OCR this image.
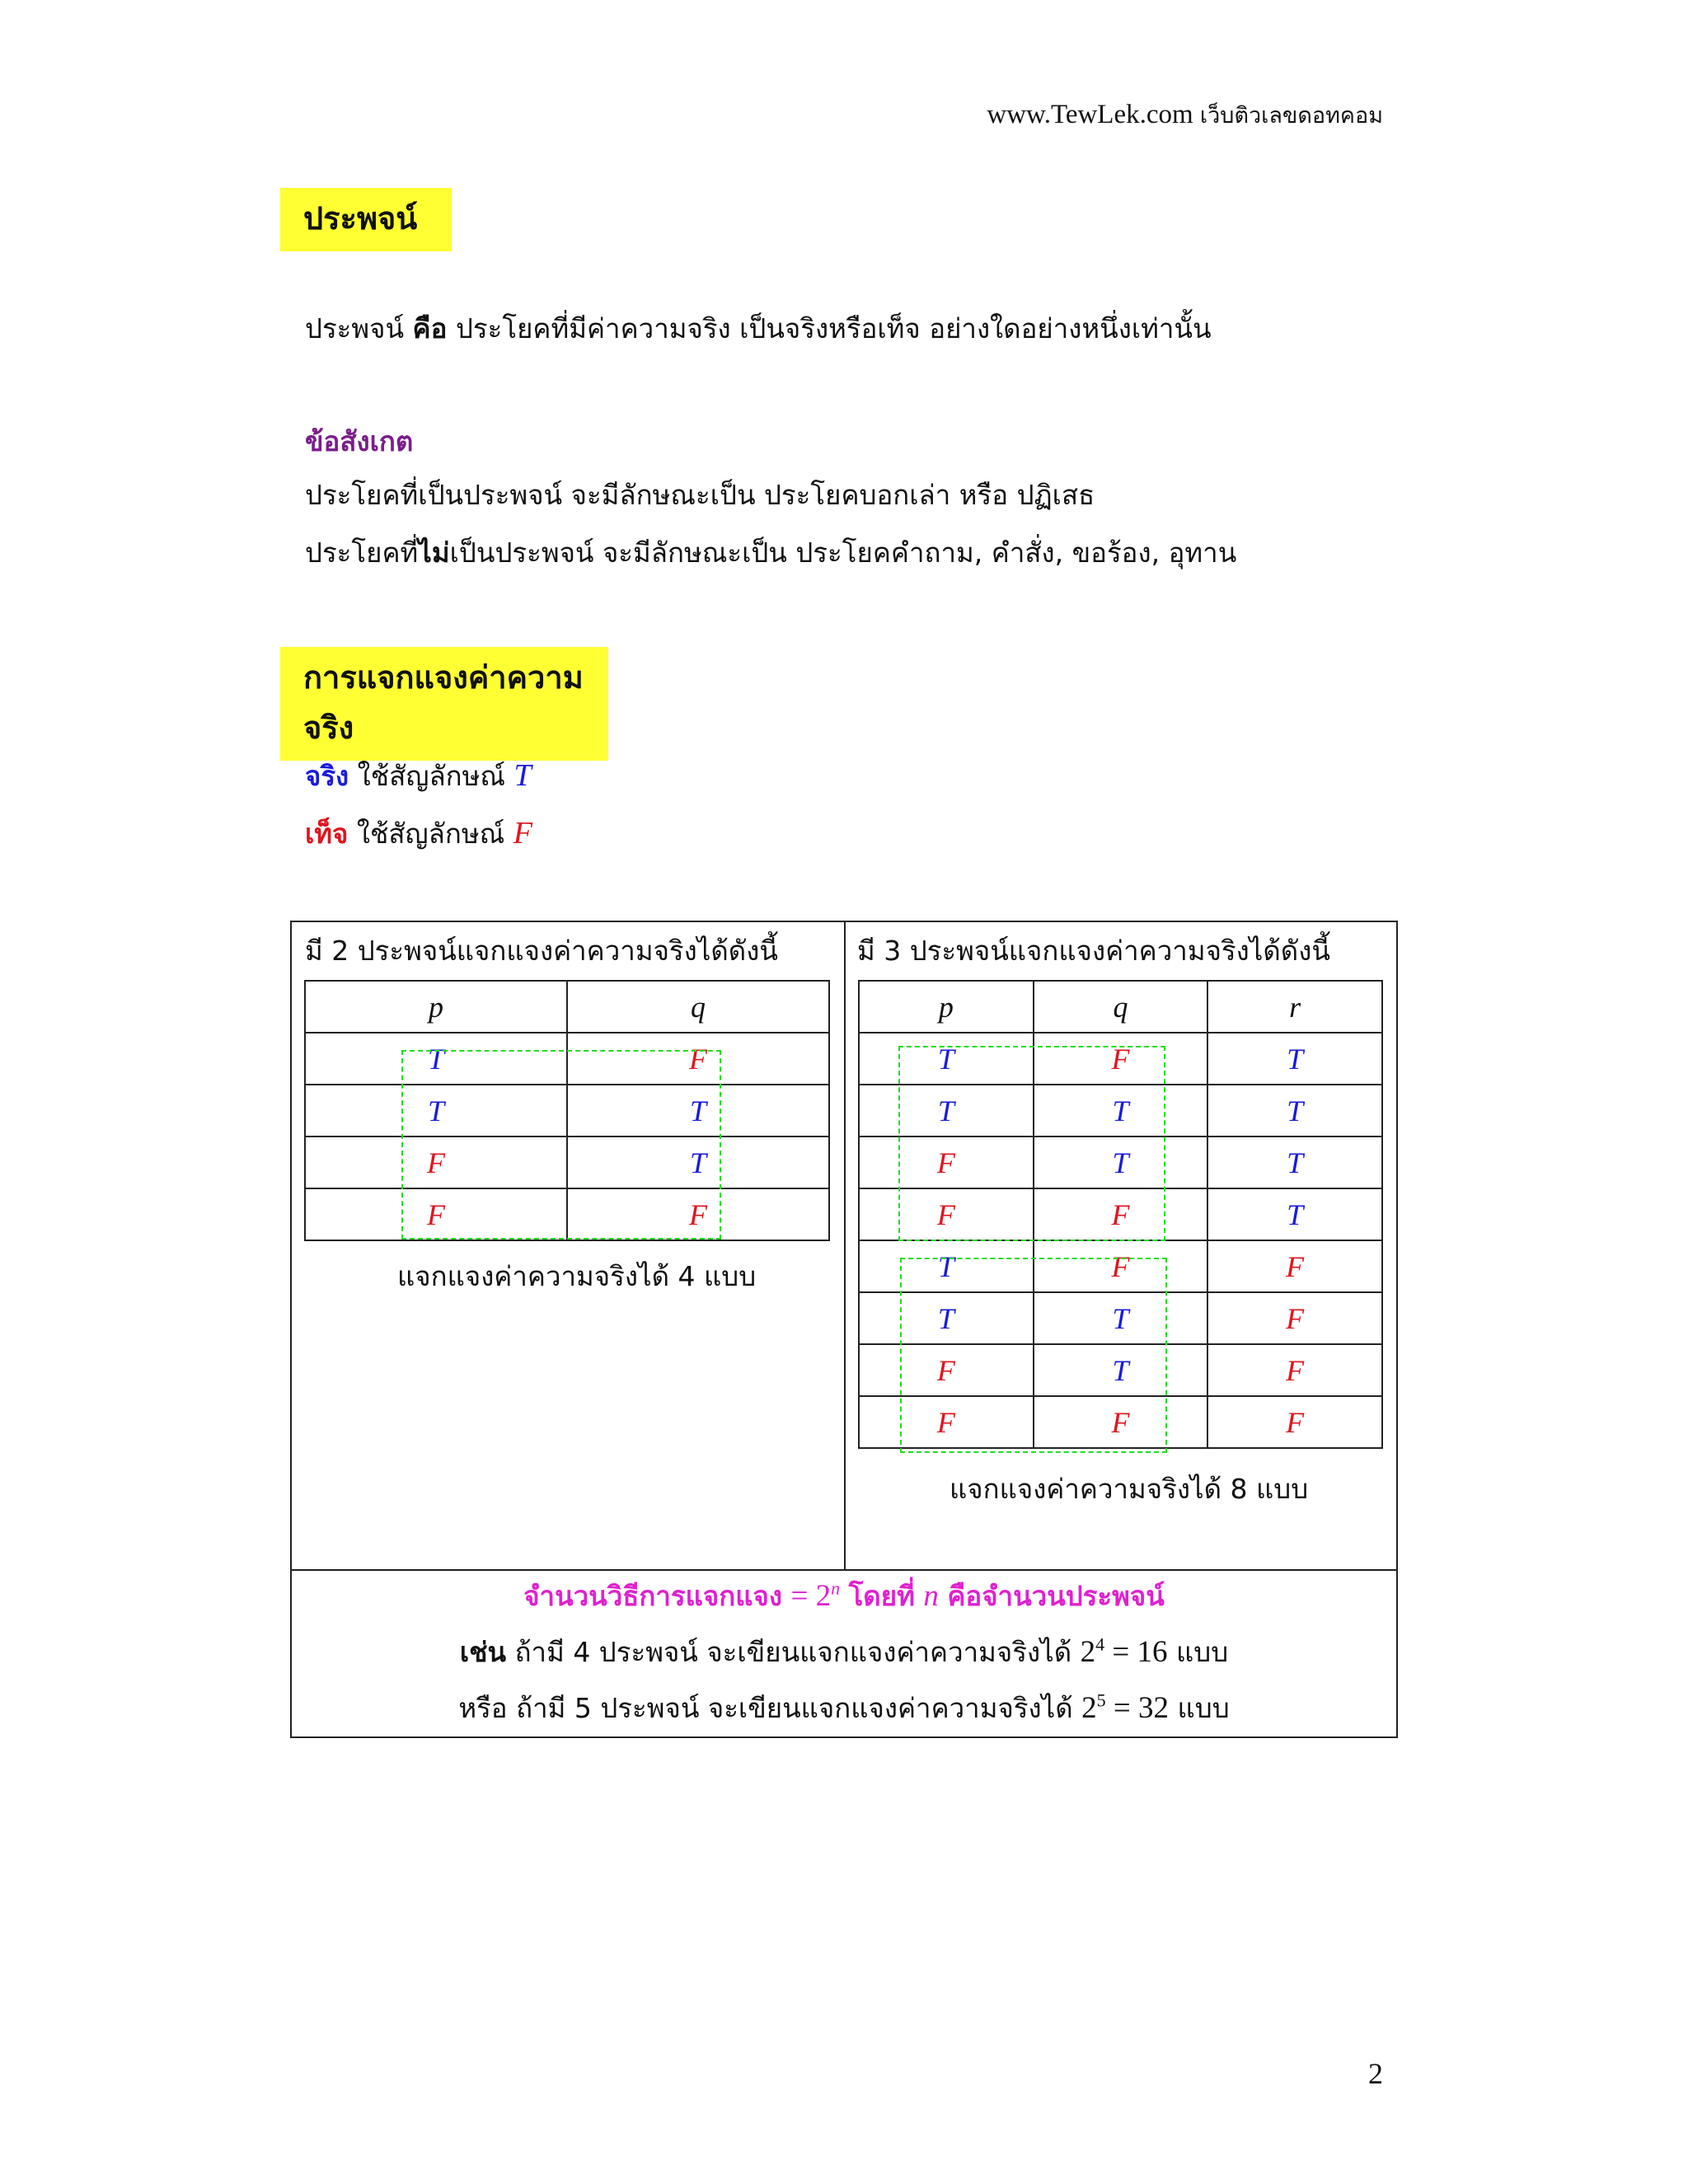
www.TewLek.com เว็บติวเลขดอทคอม
ประพจน์
ประพจน์ คือ ประโยคที่มีค่าความจริง เป็นจริงหรือเท็จ อย่างใดอย่างหนึ่งเท่านั้น
ข้อสังเกต
ประโยคที่เป็นประพจน์ จะมีลักษณะเป็น ประโยคบอกเล่า หรือ ปฏิเสธ
ประโยคที่ไม่เป็นประพจน์ จะมีลักษณะเป็น ประโยคคำถาม, คำสั่ง, ขอร้อง, อุทาน
การแจกแจงค่าความจริง
จริง ใช้สัญลักษณ์ T
เท็จ ใช้สัญลักษณ์ F
มี 2 ประพจน์แจกแจงค่าความจริงได้ดังนี้
p	q
T	F
T	T
F	T
F	F
แจกแจงค่าความจริงได้ 4 แบบ
มี 3 ประพจน์แจกแจงค่าความจริงได้ดังนี้
p	q	r
T	F	T
T	T	T
F	T	T
F	F	T
T	F	F
T	T	F
F	T	F
F	F	F
แจกแจงค่าความจริงได้ 8 แบบ
จำนวนวิธีการแจกแจง = $2^n$ โดยที่ n คือจำนวนประพจน์
เช่น ถ้ามี 4 ประพจน์ จะเขียนแจกแจงค่าความจริงได้ $2^4 = 16$ แบบ
หรือ ถ้ามี 5 ประพจน์ จะเขียนแจกแจงค่าความจริงได้ $2^5 = 32$ แบบ
2
